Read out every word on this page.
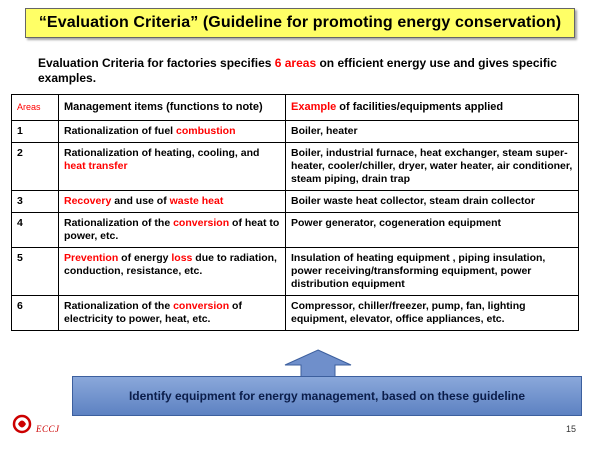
“Evaluation Criteria” (Guideline for promoting energy conservation)
Evaluation Criteria for factories specifies 6 areas on efficient energy use and gives specific examples.
Areas	Management items (functions to note)	Example of facilities/equipments applied
1	Rationalization of fuel combustion	Boiler, heater
2	Rationalization of heating, cooling, and heat transfer	Boiler, industrial furnace, heat exchanger, steam super-heater, cooler/chiller, dryer, water heater, air conditioner, steam piping, drain trap
3	Recovery and use of waste heat	Boiler waste heat collector, steam drain collector
4	Rationalization of the conversion of heat to power, etc.	Power generator, cogeneration equipment
5	Prevention of energy loss due to radiation, conduction, resistance, etc.	Insulation of heating equipment , piping insulation, power receiving/transforming equipment, power distribution equipment
6	Rationalization of the conversion of electricity to power, heat, etc.	Compressor, chiller/freezer, pump, fan, lighting equipment, elevator, office appliances, etc.
Identify equipment for energy management, based on these guideline
ECCJ	15
